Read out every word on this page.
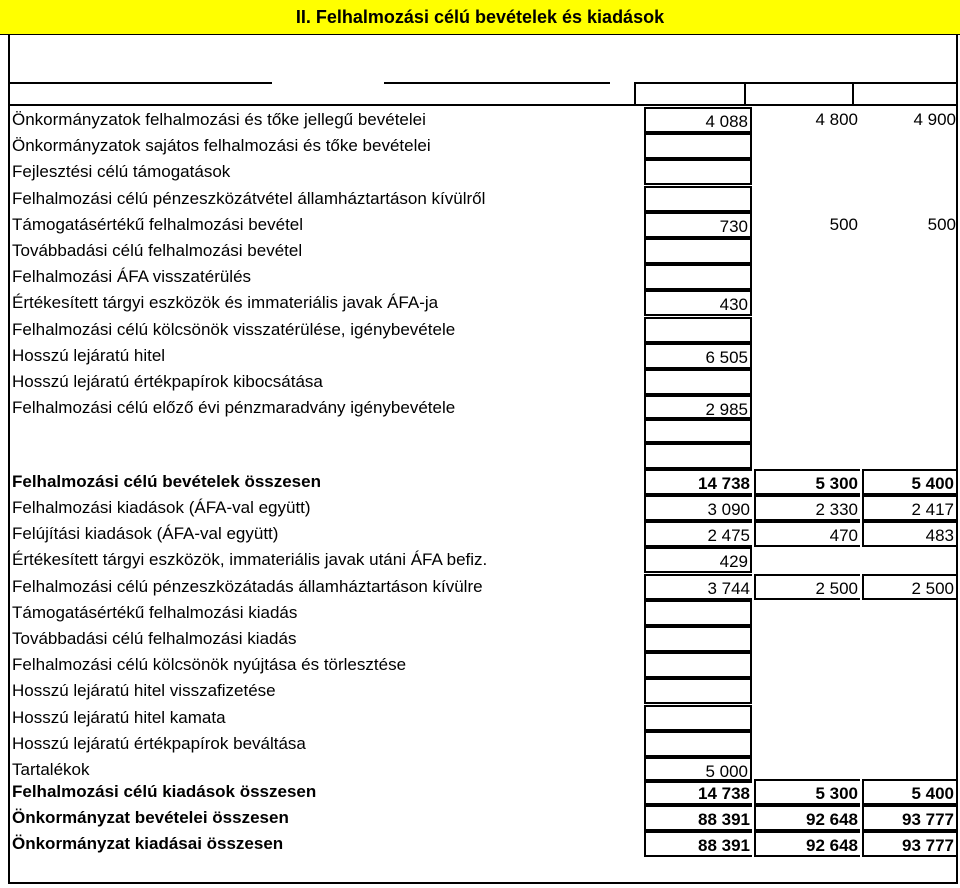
II. Felhalmozási célú bevételek és kiadások
Önkormányzatok felhalmozási és tőke jellegű bevételei	4 088	4 800	4 900
Önkormányzatok sajátos felhalmozási és tőke bevételei
Fejlesztési célú támogatások
Felhalmozási célú pénzeszközátvétel államháztartáson kívülről
Támogatásértékű felhalmozási bevétel	730	500	500
Továbbadási célú felhalmozási bevétel
Felhalmozási ÁFA visszatérülés
Értékesített tárgyi eszközök és immateriális javak ÁFA-ja	430
Felhalmozási célú kölcsönök visszatérülése, igénybevétele
Hosszú lejáratú hitel	6 505
Hosszú lejáratú értékpapírok kibocsátása
Felhalmozási célú előző évi pénzmaradvány igénybevétele	2 985
Felhalmozási célú bevételek összesen	14 738	5 300	5 400
Felhalmozási kiadások (ÁFA-val együtt)	3 090	2 330	2 417
Felújítási kiadások (ÁFA-val együtt)	2 475	470	483
Értékesített tárgyi eszközök, immateriális javak utáni ÁFA befiz.	429
Felhalmozási célú pénzeszközátadás államháztartáson kívülre	3 744	2 500	2 500
Támogatásértékű felhalmozási kiadás
Továbbadási célú felhalmozási kiadás
Felhalmozási célú kölcsönök nyújtása és törlesztése
Hosszú lejáratú hitel visszafizetése
Hosszú lejáratú hitel kamata
Hosszú lejáratú értékpapírok beváltása
Tartalékok	5 000
Felhalmozási célú kiadások összesen	14 738	5 300	5 400
Önkormányzat bevételei összesen	88 391	92 648	93 777
Önkormányzat kiadásai összesen	88 391	92 648	93 777
